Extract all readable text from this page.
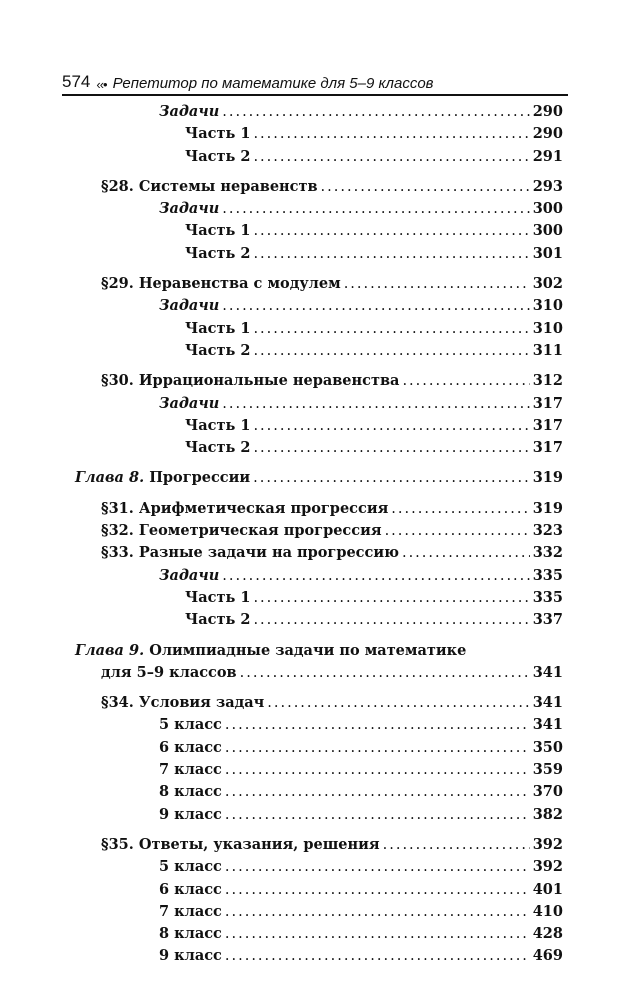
574 ‹‹• Репетитор по математике для 5–9 классов
Задачи .....	290
Часть 1 .....	290
Часть 2 .....	291
§28. Системы неравенств .....	293
Задачи .....	300
Часть 1 .....	300
Часть 2 .....	301
§29. Неравенства с модулем .....	302
Задачи .....	310
Часть 1 .....	310
Часть 2 .....	311
§30. Иррациональные неравенства .....	312
Задачи .....	317
Часть 1 .....	317
Часть 2 .....	317
Глава 8. Прогрессии .....	319
§31. Арифметическая прогрессия .....	319
§32. Геометрическая прогрессия .....	323
§33. Разные задачи на прогрессию .....	332
Задачи .....	335
Часть 1 .....	335
Часть 2 .....	337
Глава 9. Олимпиадные задачи по математике
для 5–9 классов .....	341
§34. Условия задач .....	341
5 класс .....	341
6 класс .....	350
7 класс .....	359
8 класс .....	370
9 класс .....	382
§35. Ответы, указания, решения .....	392
5 класс .....	392
6 класс .....	401
7 класс .....	410
8 класс .....	428
9 класс .....	469
